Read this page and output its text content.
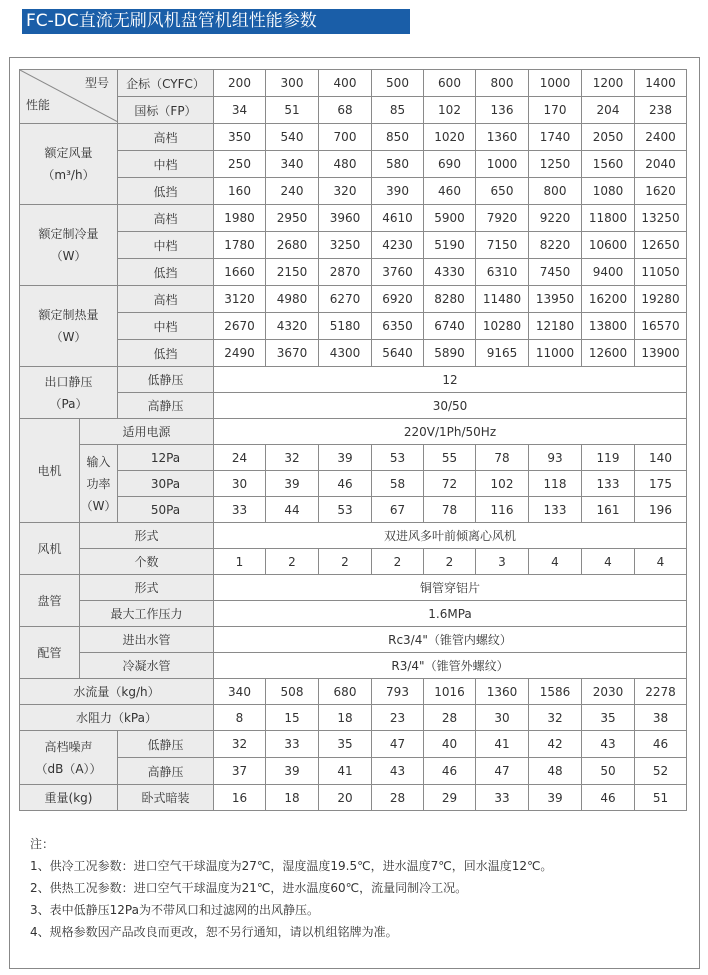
FC-DC直流无刷风机盘管机组性能参数
型号
性能		企标（CYFC）	200	300	400	500	600	800	1000	1200	1400
		国标（FP）	34	51	68	85	102	136	170	204	238

额定风量
（m³/h）		高档	350	540	700	850	1020	1360	1740	2050	2400
		中档	250	340	480	580	690	1000	1250	1560	2040
		低挡	160	240	320	390	460	650	800	1080	1620

额定制冷量
（W）		高档	1980	2950	3960	4610	5900	7920	9220	11800	13250
		中档	1780	2680	3250	4230	5190	7150	8220	10600	12650
		低挡	1660	2150	2870	3760	4330	6310	7450	9400	11050

额定制热量
（W）		高档	3120	4980	6270	6920	8280	11480	13950	16200	19280
		中档	2670	4320	5180	6350	6740	10280	12180	13800	16570
		低挡	2490	3670	4300	5640	5890	9165	11000	12600	13900

出口静压
（Pa）		低静压	12								
		高静压	30/50								
电机	适用电源		220V/1Ph/50Hz								

	输入
功率
（W）	12Pa	24	32	39	53	55	78	93	119	140
		30Pa	30	39	46	58	72	102	118	133	175
		50Pa	33	44	53	67	78	116	133	161	196
风机	形式		双进风多叶前倾离心风机								
	个数		1	2	2	2	2	3	4	4	4
盘管	形式		铜管穿铝片								
	最大工作压力		1.6MPa								
配管	进出水管		Rc3/4"（锥管内螺纹）								
	冷凝水管		R3/4"（锥管外螺纹）								
水流量（kg/h）			340	508	680	793	1016	1360	1586	2030	2278
水阻力（kPa）			8	15	18	23	28	30	32	35	38

高档噪声
（dB（A））		低静压	32	33	35	47	40	41	42	43	46
		高静压	37	39	41	43	46	47	48	50	52
重量(kg)		卧式暗装	16	18	20	28	29	33	39	46	51
注：
1、供冷工况参数：进口空气干球温度为27℃，湿度温度19.5℃，进水温度7℃，回水温度12℃。
2、供热工况参数：进口空气干球温度为21℃，进水温度60℃，流量同制冷工况。
3、表中低静压12Pa为不带风口和过滤网的出风静压。
4、规格参数因产品改良而更改，恕不另行通知，请以机组铭牌为准。
